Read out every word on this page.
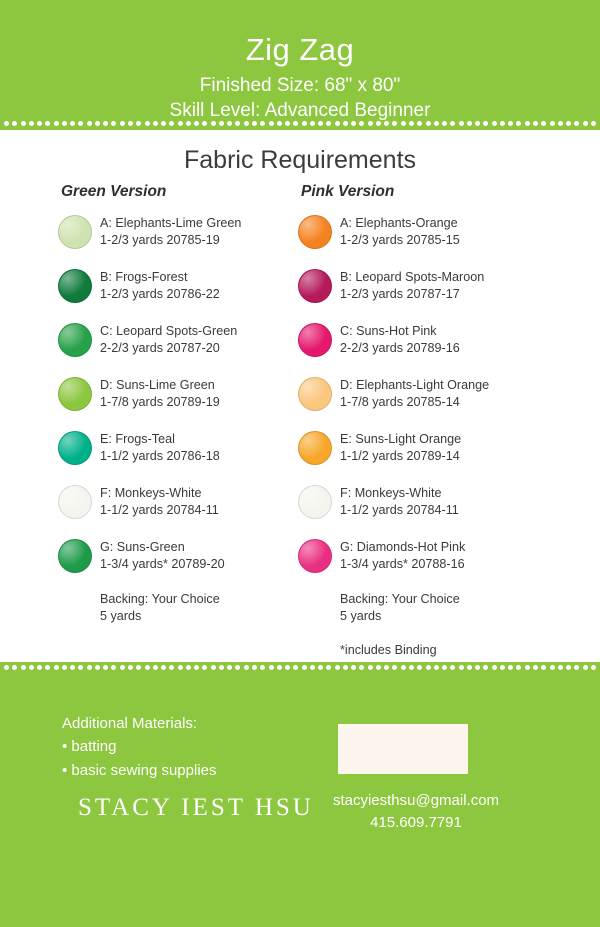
Zig Zag
Finished Size: 68" x 80"
Skill Level: Advanced Beginner
Fabric Requirements
Green Version
A: Elephants-Lime Green
1-2/3 yards 20785-19
B: Frogs-Forest
1-2/3 yards 20786-22
C: Leopard Spots-Green
2-2/3 yards 20787-20
D: Suns-Lime Green
1-7/8 yards 20789-19
E: Frogs-Teal
1-1/2 yards 20786-18
F: Monkeys-White
1-1/2 yards 20784-11
G: Suns-Green
1-3/4 yards* 20789-20
Backing: Your Choice
5 yards
Pink Version
A: Elephants-Orange
1-2/3 yards 20785-15
B: Leopard Spots-Maroon
1-2/3 yards 20787-17
C: Suns-Hot Pink
2-2/3 yards 20789-16
D: Elephants-Light Orange
1-7/8 yards 20785-14
E: Suns-Light Orange
1-1/2 yards 20789-14
F: Monkeys-White
1-1/2 yards 20784-11
G: Diamonds-Hot Pink
1-3/4 yards* 20788-16
Backing: Your Choice
5 yards
*includes Binding
Additional Materials:
• batting
• basic sewing supplies
STACY IEST HSU	stacyiesthsu@gmail.com
415.609.7791
